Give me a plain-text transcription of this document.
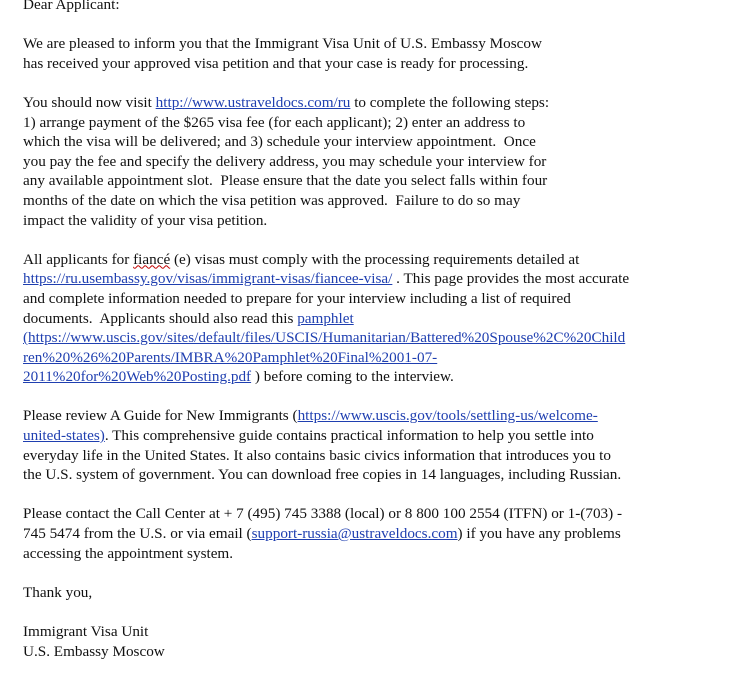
Dear Applicant:
We are pleased to inform you that the Immigrant Visa Unit of U.S. Embassy Moscow
has received your approved visa petition and that your case is ready for processing.
You should now visit http://www.ustraveldocs.com/ru to complete the following steps:
1) arrange payment of the $265 visa fee (for each applicant); 2) enter an address to
which the visa will be delivered; and 3) schedule your interview appointment.  Once
you pay the fee and specify the delivery address, you may schedule your interview for
any available appointment slot.  Please ensure that the date you select falls within four
months of the date on which the visa petition was approved.  Failure to do so may
impact the validity of your visa petition.
All applicants for fiancé (e) visas must comply with the processing requirements detailed at
https://ru.usembassy.gov/visas/immigrant-visas/fiancee-visa/ . This page provides the most accurate
and complete information needed to prepare for your interview including a list of required
documents.  Applicants should also read this pamphlet
(https://www.uscis.gov/sites/default/files/USCIS/Humanitarian/Battered%20Spouse%2C%20Child
ren%20%26%20Parents/IMBRA%20Pamphlet%20Final%2001-07-
2011%20for%20Web%20Posting.pdf ) before coming to the interview.
Please review A Guide for New Immigrants (https://www.uscis.gov/tools/settling-us/welcome-
united-states). This comprehensive guide contains practical information to help you settle into
everyday life in the United States. It also contains basic civics information that introduces you to
the U.S. system of government. You can download free copies in 14 languages, including Russian.
Please contact the Call Center at + 7 (495) 745 3388 (local) or 8 800 100 2554 (ITFN) or 1-(703) -
745 5474 from the U.S. or via email (support-russia@ustraveldocs.com) if you have any problems
accessing the appointment system.
Thank you,
Immigrant Visa Unit
U.S. Embassy Moscow
